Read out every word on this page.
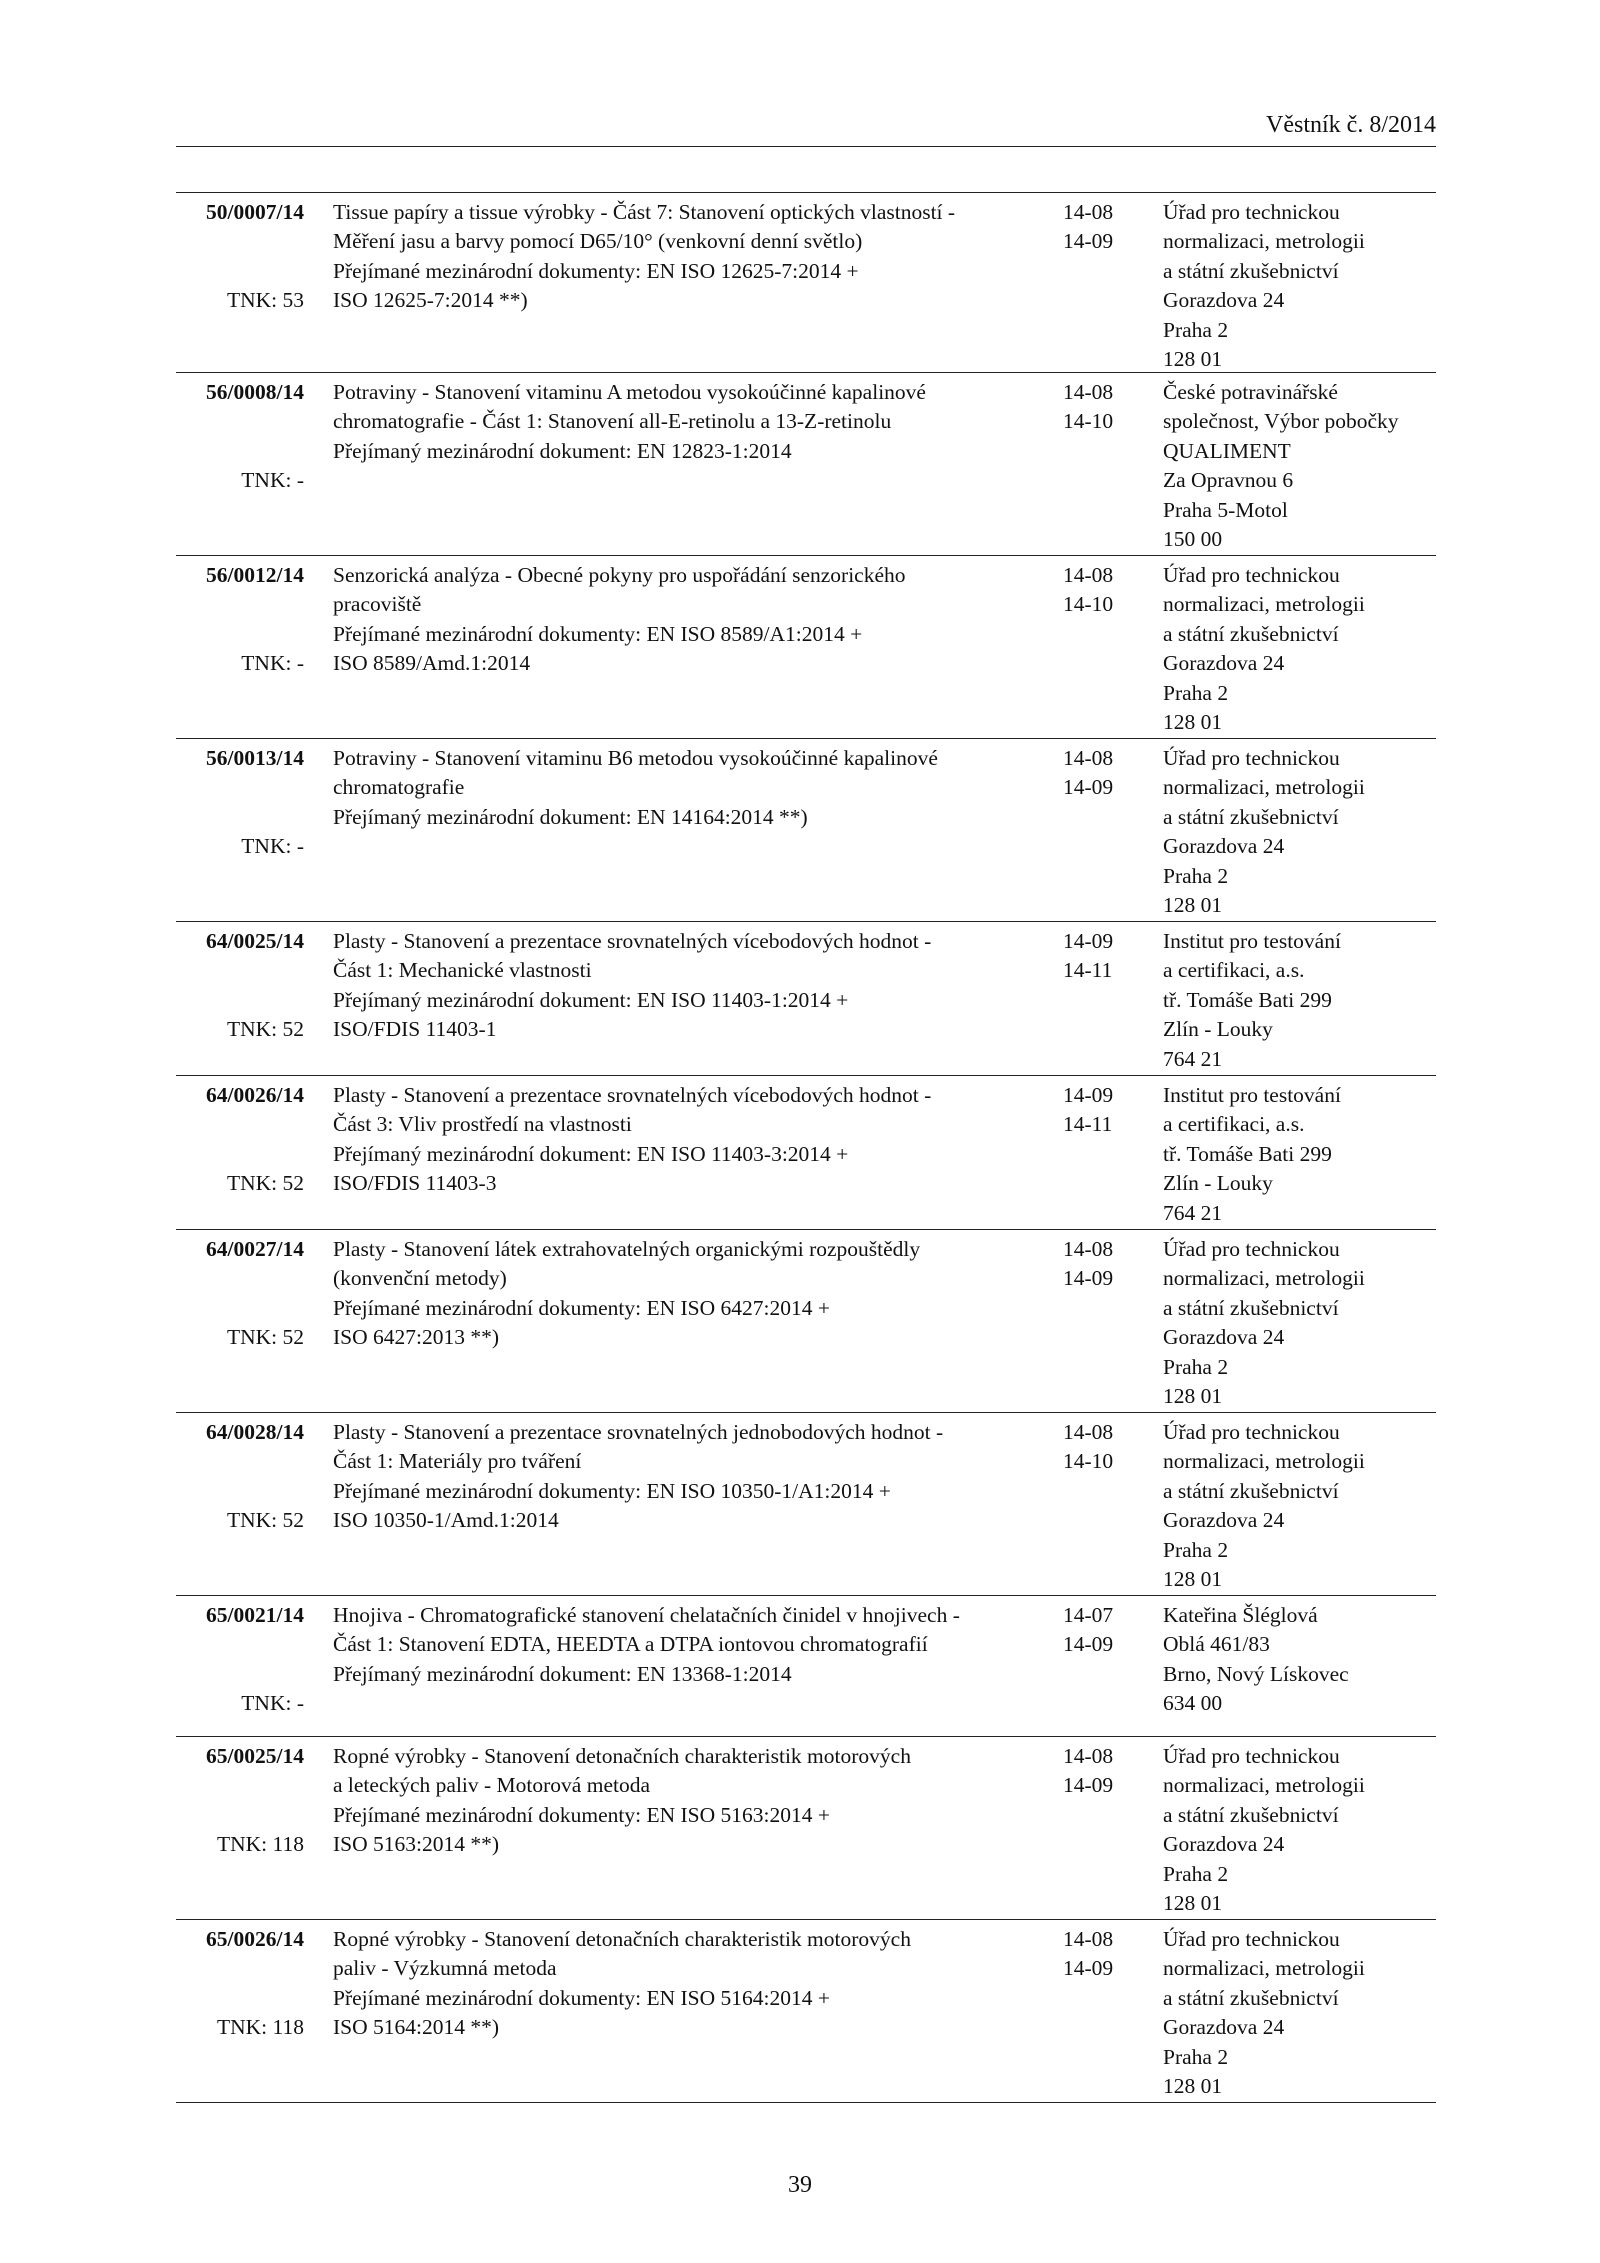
Věstník č. 8/2014
50/0007/14
TNK: 53
Tissue papíry a tissue výrobky - Část 7: Stanovení optických vlastností -
Měření jasu a barvy pomocí D65/10° (venkovní denní světlo)
Přejímané mezinárodní dokumenty: EN ISO 12625-7:2014 +
ISO 12625-7:2014 **)
14-08
14-09
Úřad pro technickou
normalizaci, metrologii
a státní zkušebnictví
Gorazdova 24
Praha 2
128 01
56/0008/14
TNK: -
Potraviny - Stanovení vitaminu A metodou vysokoúčinné kapalinové
chromatografie - Část 1: Stanovení all-E-retinolu a 13-Z-retinolu
Přejímaný mezinárodní dokument: EN 12823-1:2014
14-08
14-10
České potravinářské
společnost, Výbor pobočky
QUALIMENT
Za Opravnou 6
Praha 5-Motol
150 00
56/0012/14
TNK: -
Senzorická analýza - Obecné pokyny pro uspořádání senzorického
pracoviště
Přejímané mezinárodní dokumenty: EN ISO 8589/A1:2014 +
ISO 8589/Amd.1:2014
14-08
14-10
Úřad pro technickou
normalizaci, metrologii
a státní zkušebnictví
Gorazdova 24
Praha 2
128 01
56/0013/14
TNK: -
Potraviny - Stanovení vitaminu B6 metodou vysokoúčinné kapalinové
chromatografie
Přejímaný mezinárodní dokument: EN 14164:2014 **)
14-08
14-09
Úřad pro technickou
normalizaci, metrologii
a státní zkušebnictví
Gorazdova 24
Praha 2
128 01
64/0025/14
TNK: 52
Plasty - Stanovení a prezentace srovnatelných vícebodových hodnot -
Část 1: Mechanické vlastnosti
Přejímaný mezinárodní dokument: EN ISO 11403-1:2014 +
ISO/FDIS 11403-1
14-09
14-11
Institut pro testování
a certifikaci, a.s.
tř. Tomáše Bati 299
Zlín - Louky
764 21
64/0026/14
TNK: 52
Plasty - Stanovení a prezentace srovnatelných vícebodových hodnot -
Část 3: Vliv prostředí na vlastnosti
Přejímaný mezinárodní dokument: EN ISO 11403-3:2014 +
ISO/FDIS 11403-3
14-09
14-11
Institut pro testování
a certifikaci, a.s.
tř. Tomáše Bati 299
Zlín - Louky
764 21
64/0027/14
TNK: 52
Plasty - Stanovení látek extrahovatelných organickými rozpouštědly
(konvenční metody)
Přejímané mezinárodní dokumenty: EN ISO 6427:2014 +
ISO 6427:2013 **)
14-08
14-09
Úřad pro technickou
normalizaci, metrologii
a státní zkušebnictví
Gorazdova 24
Praha 2
128 01
64/0028/14
TNK: 52
Plasty - Stanovení a prezentace srovnatelných jednobodových hodnot -
Část 1: Materiály pro tváření
Přejímané mezinárodní dokumenty: EN ISO 10350-1/A1:2014 +
ISO 10350-1/Amd.1:2014
14-08
14-10
Úřad pro technickou
normalizaci, metrologii
a státní zkušebnictví
Gorazdova 24
Praha 2
128 01
65/0021/14
TNK: -
Hnojiva - Chromatografické stanovení chelatačních činidel v hnojivech -
Část 1: Stanovení EDTA, HEEDTA a DTPA iontovou chromatografií
Přejímaný mezinárodní dokument: EN 13368-1:2014
14-07
14-09
Kateřina Šléglová
Oblá 461/83
Brno, Nový Lískovec
634 00
65/0025/14
TNK: 118
Ropné výrobky - Stanovení detonačních charakteristik motorových
a leteckých paliv - Motorová metoda
Přejímané mezinárodní dokumenty: EN ISO 5163:2014 +
ISO 5163:2014 **)
14-08
14-09
Úřad pro technickou
normalizaci, metrologii
a státní zkušebnictví
Gorazdova 24
Praha 2
128 01
65/0026/14
TNK: 118
Ropné výrobky - Stanovení detonačních charakteristik motorových
paliv - Výzkumná metoda
Přejímané mezinárodní dokumenty: EN ISO 5164:2014 +
ISO 5164:2014 **)
14-08
14-09
Úřad pro technickou
normalizaci, metrologii
a státní zkušebnictví
Gorazdova 24
Praha 2
128 01
39
